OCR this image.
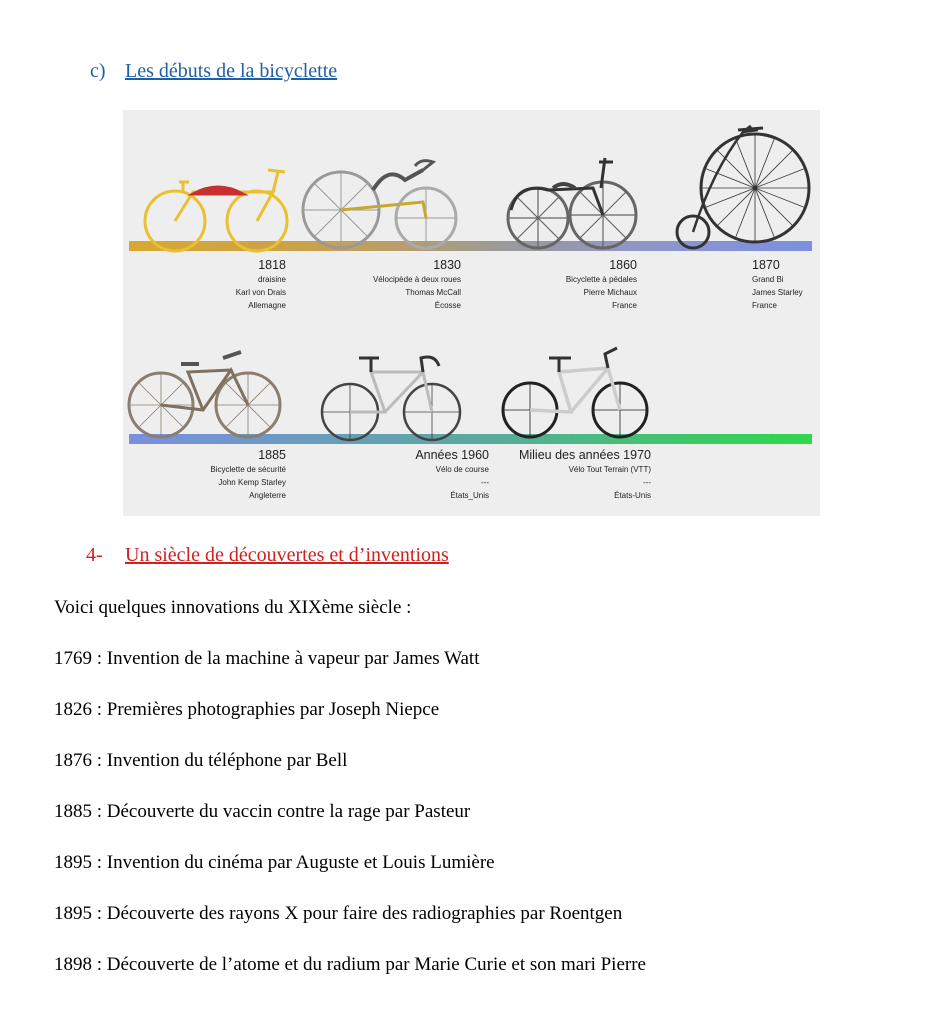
c) Les débuts de la bicyclette
1818
draisine
Karl von Drais
Allemagne
1830
Vélocipède à deux roues
Thomas McCall
Écosse
1860
Bicyclette à pédales
Pierre Michaux
France
1870
Grand Bi
James Starley
France
1885
Bicyclette de sécurité
John Kemp Starley
Angleterre
Années 1960
Vélo de course
---
États_Unis
Milieu des années 1970
Vélo Tout Terrain (VTT)
---
États-Unis
4- Un siècle de découvertes et d’inventions
Voici quelques innovations du XIXème siècle :
1769 : Invention de la machine à vapeur par James Watt
1826 : Premières photographies par Joseph Niepce
1876 : Invention du téléphone par Bell
1885 : Découverte du vaccin contre la rage par Pasteur
1895 : Invention du cinéma par Auguste et Louis Lumière
1895 : Découverte des rayons X pour faire des radiographies par Roentgen
1898 : Découverte de l’atome et du radium par Marie Curie et son mari Pierre
